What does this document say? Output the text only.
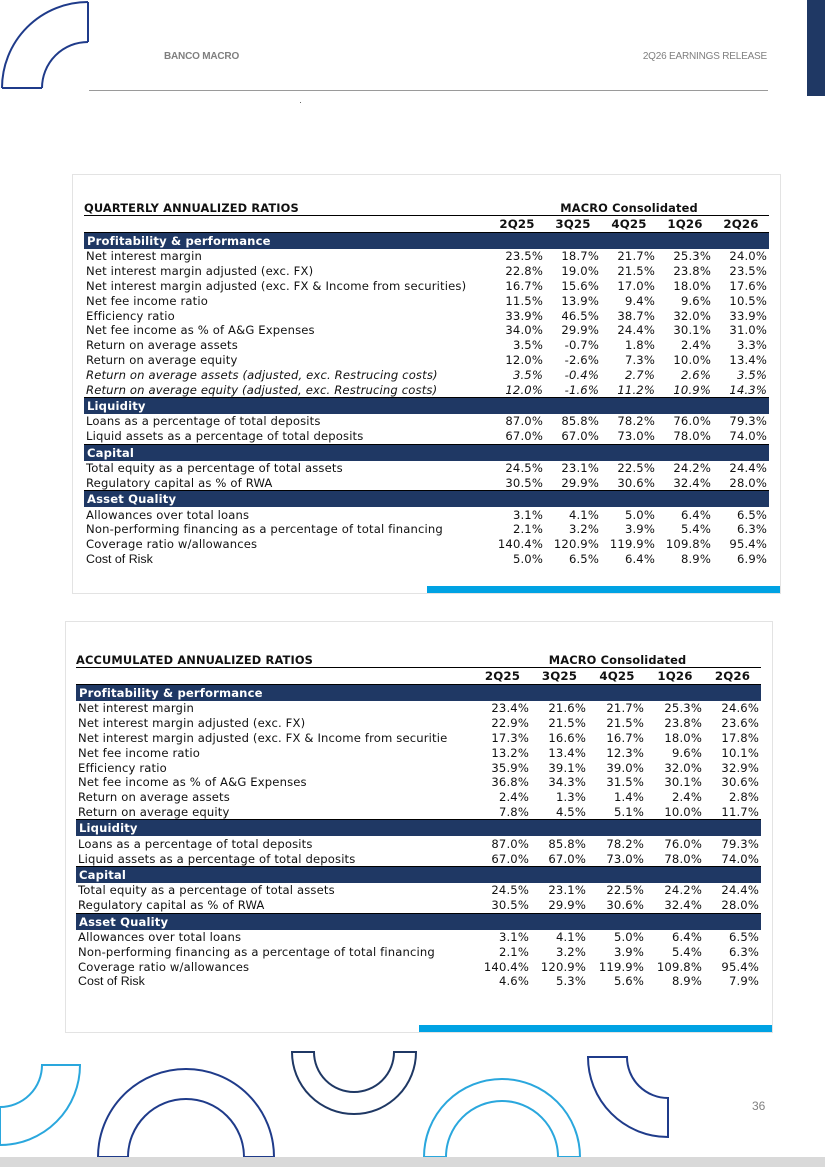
BANCO MACRO	2Q26 EARNINGS RELEASE
QUARTERLY ANNUALIZED RATIOS	MACRO Consolidated				
	2Q25	3Q25	4Q25	1Q26	2Q26
Profitability & performance					
Net interest margin	23.5%	18.7%	21.7%	25.3%	24.0%
Net interest margin adjusted (exc. FX)	22.8%	19.0%	21.5%	23.8%	23.5%
Net interest margin adjusted (exc. FX & Income from securities)	16.7%	15.6%	17.0%	18.0%	17.6%
Net fee income ratio	11.5%	13.9%	9.4%	9.6%	10.5%
Efficiency ratio	33.9%	46.5%	38.7%	32.0%	33.9%
Net fee income as % of A&G Expenses	34.0%	29.9%	24.4%	30.1%	31.0%
Return on average assets	3.5%	-0.7%	1.8%	2.4%	3.3%
Return on average equity	12.0%	-2.6%	7.3%	10.0%	13.4%
Return on average assets (adjusted, exc. Restrucing costs)	3.5%	-0.4%	2.7%	2.6%	3.5%
Return on average equity (adjusted, exc. Restrucing costs)	12.0%	-1.6%	11.2%	10.9%	14.3%
Liquidity					
Loans as a percentage of total deposits	87.0%	85.8%	78.2%	76.0%	79.3%
Liquid assets as a percentage of total deposits	67.0%	67.0%	73.0%	78.0%	74.0%
Capital					
Total equity as a percentage of total assets	24.5%	23.1%	22.5%	24.2%	24.4%
Regulatory capital as % of RWA	30.5%	29.9%	30.6%	32.4%	28.0%
Asset Quality					
Allowances over total loans	3.1%	4.1%	5.0%	6.4%	6.5%
Non-performing financing as a percentage of total financing	2.1%	3.2%	3.9%	5.4%	6.3%
Coverage ratio w/allowances	140.4%	120.9%	119.9%	109.8%	95.4%
Cost of Risk	5.0%	6.5%	6.4%	8.9%	6.9%
ACCUMULATED ANNUALIZED RATIOS	MACRO Consolidated				
	2Q25	3Q25	4Q25	1Q26	2Q26
Profitability & performance					
Net interest margin	23.4%	21.6%	21.7%	25.3%	24.6%
Net interest margin adjusted (exc. FX)	22.9%	21.5%	21.5%	23.8%	23.6%
Net interest margin adjusted (exc. FX & Income from securitie	17.3%	16.6%	16.7%	18.0%	17.8%
Net fee income ratio	13.2%	13.4%	12.3%	9.6%	10.1%
Efficiency ratio	35.9%	39.1%	39.0%	32.0%	32.9%
Net fee income as % of A&G Expenses	36.8%	34.3%	31.5%	30.1%	30.6%
Return on average assets	2.4%	1.3%	1.4%	2.4%	2.8%
Return on average equity	7.8%	4.5%	5.1%	10.0%	11.7%
Liquidity					
Loans as a percentage of total deposits	87.0%	85.8%	78.2%	76.0%	79.3%
Liquid assets as a percentage of total deposits	67.0%	67.0%	73.0%	78.0%	74.0%
Capital					
Total equity as a percentage of total assets	24.5%	23.1%	22.5%	24.2%	24.4%
Regulatory capital as % of RWA	30.5%	29.9%	30.6%	32.4%	28.0%
Asset Quality					
Allowances over total loans	3.1%	4.1%	5.0%	6.4%	6.5%
Non-performing financing as a percentage of total financing	2.1%	3.2%	3.9%	5.4%	6.3%
Coverage ratio w/allowances	140.4%	120.9%	119.9%	109.8%	95.4%
Cost of Risk	4.6%	5.3%	5.6%	8.9%	7.9%
36
